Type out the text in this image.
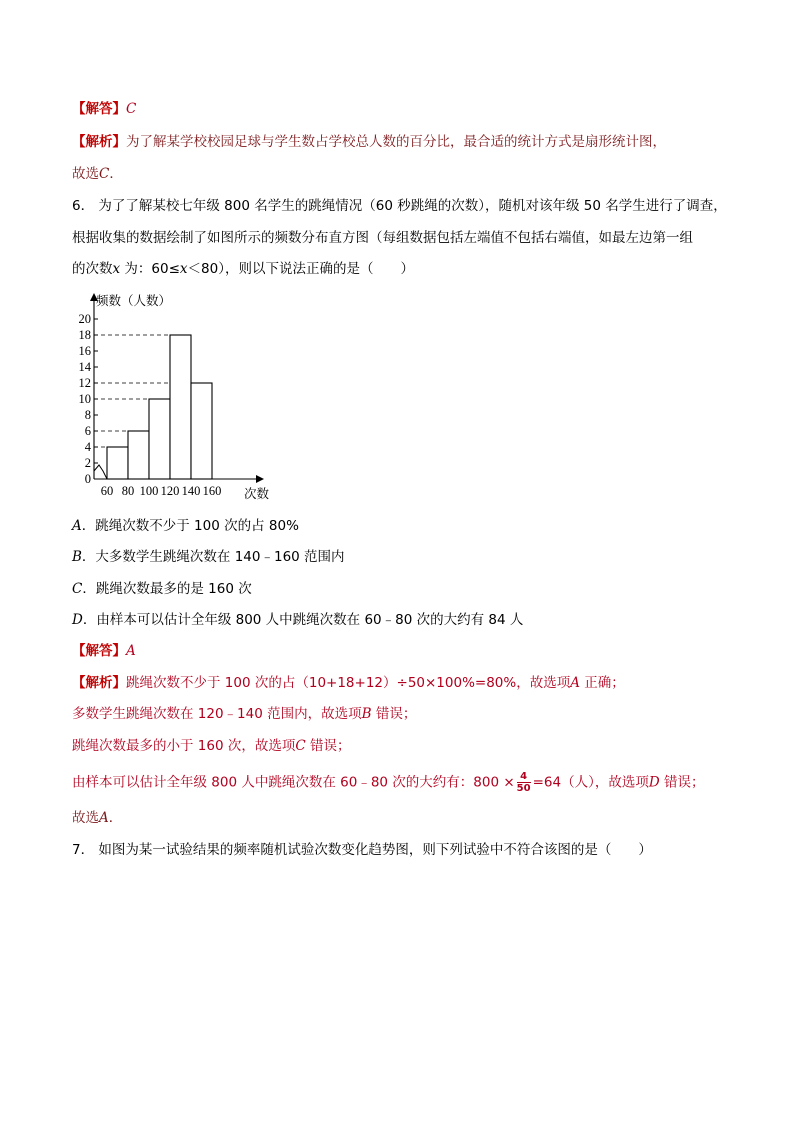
【解答】C
【解析】为了解某学校校园足球与学生数占学校总人数的百分比，最合适的统计方式是扇形统计图，
故选C．
6． 为了了解某校七年级 800 名学生的跳绳情况（60 秒跳绳的次数），随机对该年级 50 名学生进行了调查，
根据收集的数据绘制了如图所示的频数分布直方图（每组数据包括左端值不包括右端值，如最左边第一组
的次数x 为：60≤x＜80），则以下说法正确的是（　　）
0
2
4
6
8
10
12
14
16
18
20
60 80 100 120 140 160
频数（人数）
次数
A．跳绳次数不少于 100 次的占 80%
B．大多数学生跳绳次数在 140﹣160 范围内
C．跳绳次数最多的是 160 次
D．由样本可以估计全年级 800 人中跳绳次数在 60﹣80 次的大约有 84 人
【解答】A
【解析】跳绳次数不少于 100 次的占（10+18+12）÷50×100%=80%，故选项A 正确；
多数学生跳绳次数在 120﹣140 范围内，故选项B 错误；
跳绳次数最多的小于 160 次，故选项C 错误；
由样本可以估计全年级 800 人中跳绳次数在 60﹣80 次的大约有：$800 \times \frac{4}{50} =64$（人），故选项D 错误；
故选A．
7． 如图为某一试验结果的频率随机试验次数变化趋势图，则下列试验中不符合该图的是（　　）
